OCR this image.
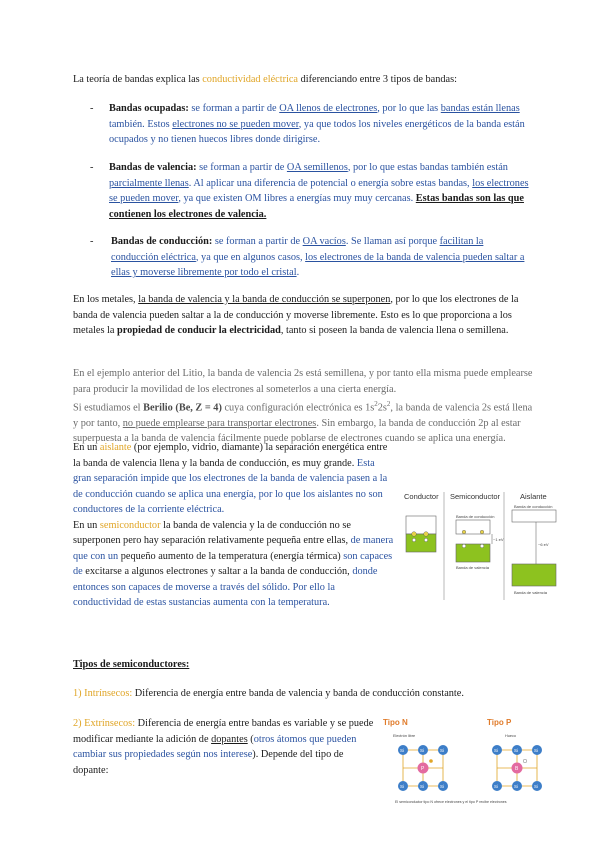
La teoría de bandas explica las conductividad eléctrica diferenciando entre 3 tipos de bandas:
- Bandas ocupadas: se forman a partir de OA llenos de electrones, por lo que las bandas están llenas también. Estos electrones no se pueden mover, ya que todos los niveles energéticos de la banda están ocupados y no tienen huecos libres donde dirigirse.
- Bandas de valencia: se forman a partir de OA semillenos, por lo que estas bandas también están parcialmente llenas. Al aplicar una diferencia de potencial o energía sobre estas bandas, los electrones se pueden mover, ya que existen OM libres a energías muy muy cercanas. Estas bandas son las que contienen los electrones de valencia.
- Bandas de conducción: se forman a partir de OA vacíos. Se llaman así porque facilitan la conducción eléctrica, ya que en algunos casos, los electrones de la banda de valencia pueden saltar a ellas y moverse libremente por todo el cristal.
En los metales, la banda de valencia y la banda de conducción se superponen, por lo que los electrones de la banda de valencia pueden saltar a la de conducción y moverse libremente. Esto es lo que proporciona a los metales la propiedad de conducir la electricidad, tanto si poseen la banda de valencia llena o semillena.
En el ejemplo anterior del Litio, la banda de valencia 2s está semillena, y por tanto ella misma puede emplearse para producir la movilidad de los electrones al someterlos a una cierta energía.
Si estudiamos el Berilio (Be, Z = 4) cuya configuración electrónica es $1s^22s^2$, la banda de valencia 2s está llena y por tanto, no puede emplearse para transportar electrones. Sin embargo, la banda de conducción 2p al estar superpuesta a la banda de valencia fácilmente puede poblarse de electrones cuando se aplica una energía.
En un aislante (por ejemplo, vidrio, diamante) la separación energética entre la banda de valencia llena y la banda de conducción, es muy grande. Esta gran separación impide que los electrones de la banda de valencia pasen a la de conducción cuando se aplica una energía, por lo que los aislantes no son conductores de la corriente eléctrica.
En un semiconductor la banda de valencia y la de conducción no se superponen pero hay separación relativamente pequeña entre ellas, de manera que con un pequeño aumento de la temperatura (energía térmica) son capaces de excitarse a algunos electrones y saltar a la banda de conducción, donde entonces son capaces de moverse a través del sólido. Por ello la conductividad de estas sustancias aumenta con la temperatura.
Conductor Semiconductor	Aislante
Banda de conducción
Banda de valencia
~1 eV
Banda de conducción
Banda de valencia
~6 eV
Tipos de semiconductores:
1) Intrínsecos: Diferencia de energía entre banda de valencia y banda de conducción constante.
2) Extrínsecos: Diferencia de energía entre bandas es variable y se puede modificar mediante la adición de dopantes (otros átomos que pueden cambiar sus propiedades según nos interese). Depende del tipo de dopante:
Tipo N	Tipo P
Electrón libre	Hueco
Si	Si
P
Si	Si
Si
Si
Si	Si
B
Si	Si
Si
Si
El semiconductor tipo N ofrece electrones y el tipo P recibe electrones
